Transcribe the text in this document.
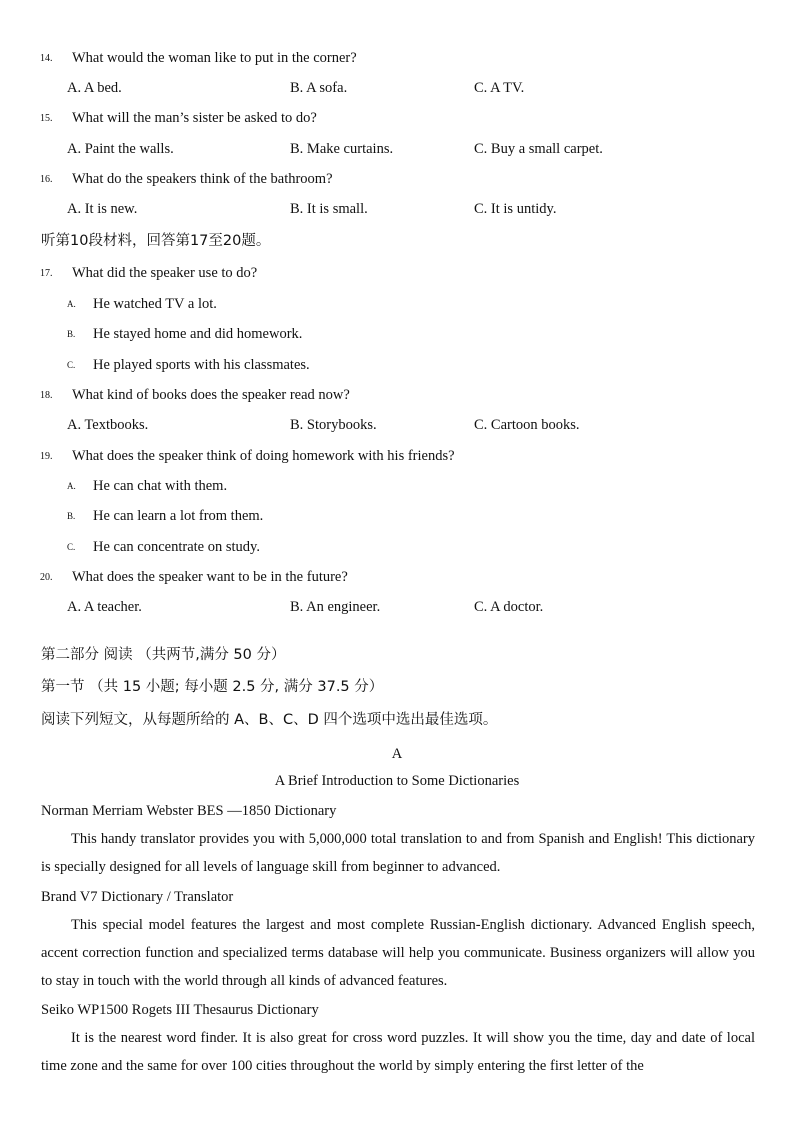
14. What would the woman like to put in the corner?
A. A bed.	B. A sofa.	C. A TV.
15. What will the man’s sister be asked to do?
A. Paint the walls.	B. Make curtains.	C. Buy a small carpet.
16. What do the speakers think of the bathroom?
A. It is new.	B. It is small.	C. It is untidy.
听第10段材料，回答第17至20题。
17. What did the speaker use to do?
A. He watched TV a lot.
B. He stayed home and did homework.
C. He played sports with his classmates.
18. What kind of books does the speaker read now?
A. Textbooks.	B. Storybooks.	C. Cartoon books.
19. What does the speaker think of doing homework with his friends?
A. He can chat with them.
B. He can learn a lot from them.
C. He can concentrate on study.
20. What does the speaker want to be in the future?
A. A teacher.	B. An engineer.	C. A doctor.
第二部分 阅读 （共两节,满分 50 分）
第一节 （共 15 小题; 每小题 2.5 分, 满分 37.5 分）
阅读下列短文，从每题所给的 A、B、C、D 四个选项中选出最佳选项。
A
A Brief Introduction to Some Dictionaries
Norman Merriam Webster BES —1850 Dictionary

This handy translator provides you with 5,000,000 total translation to and from Spanish and English! This dictionary is specially designed for all levels of language skill from beginner to advanced.

Brand V7 Dictionary / Translator

This special model features the largest and most complete Russian-English dictionary. Advanced English speech, accent correction function and specialized terms database will help you communicate. Business organizers will allow you to stay in touch with the world through all kinds of advanced features.

Seiko WP1500 Rogets III Thesaurus Dictionary

It is the nearest word finder. It is also great for cross word puzzles. It will show you the time, day and date of local time zone and the same for over 100 cities throughout the world by simply entering the first letter of the
